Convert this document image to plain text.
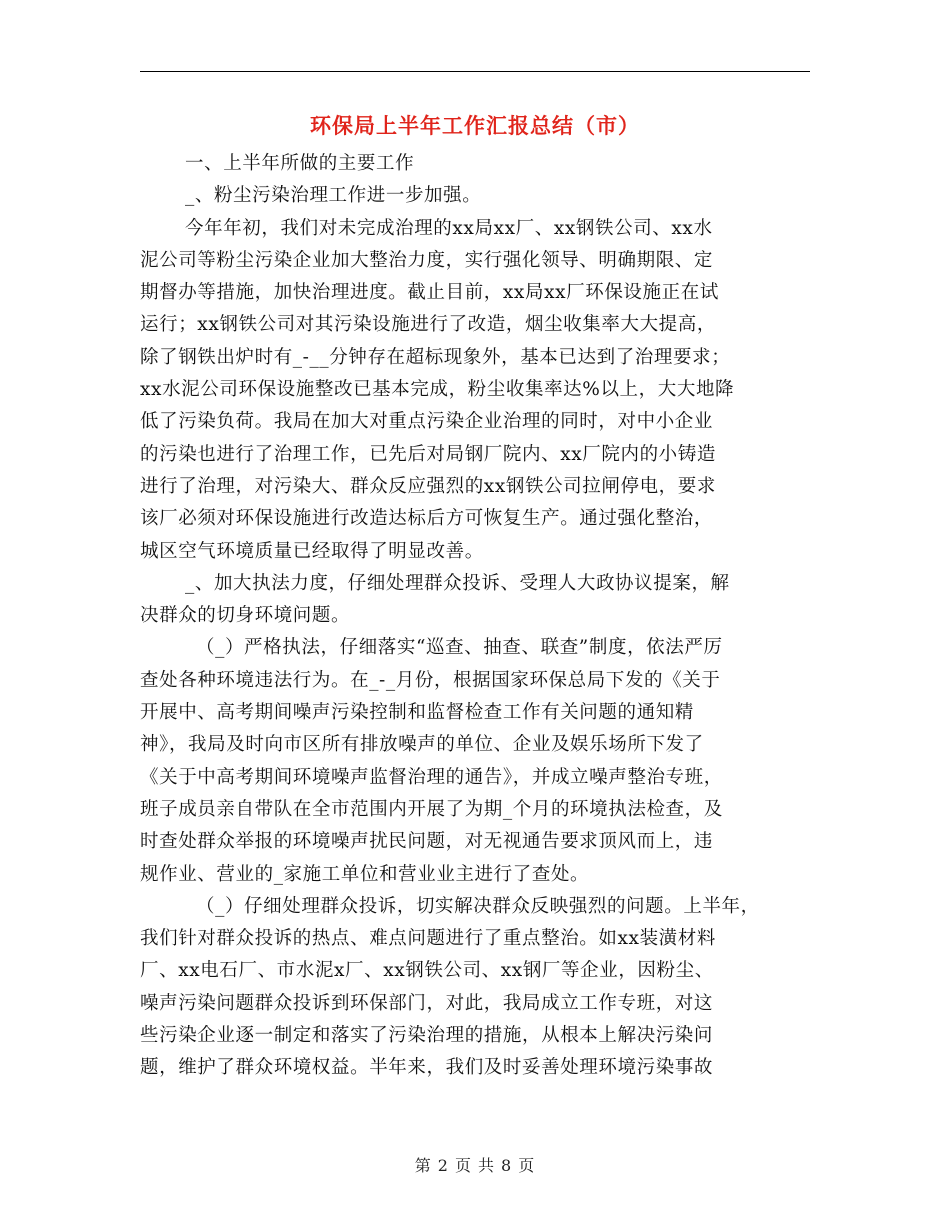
环保局上半年工作汇报总结（市）
一、上半年所做的主要工作
_、粉尘污染治理工作进一步加强。
今年年初，我们对未完成治理的xx局xx厂、xx钢铁公司、xx水
泥公司等粉尘污染企业加大整治力度，实行强化领导、明确期限、定
期督办等措施，加快治理进度。截止目前，xx局xx厂环保设施正在试
运行；xx钢铁公司对其污染设施进行了改造，烟尘收集率大大提高，
除了钢铁出炉时有_-__分钟存在超标现象外，基本已达到了治理要求；
xx水泥公司环保设施整改已基本完成，粉尘收集率达%以上，大大地降
低了污染负荷。我局在加大对重点污染企业治理的同时，对中小企业
的污染也进行了治理工作，已先后对局钢厂院内、xx厂院内的小铸造
进行了治理，对污染大、群众反应强烈的xx钢铁公司拉闸停电，要求
该厂必须对环保设施进行改造达标后方可恢复生产。通过强化整治，
城区空气环境质量已经取得了明显改善。
_、加大执法力度，仔细处理群众投诉、受理人大政协议提案，解
决群众的切身环境问题。
（_）严格执法，仔细落实“巡查、抽查、联查”制度，依法严厉
查处各种环境违法行为。在_-_月份，根据国家环保总局下发的《关于
开展中、高考期间噪声污染控制和监督检查工作有关问题的通知精
神》，我局及时向市区所有排放噪声的单位、企业及娱乐场所下发了
《关于中高考期间环境噪声监督治理的通告》，并成立噪声整治专班，
班子成员亲自带队在全市范围内开展了为期_个月的环境执法检查，及
时查处群众举报的环境噪声扰民问题，对无视通告要求顶风而上，违
规作业、营业的_家施工单位和营业业主进行了查处。
（_）仔细处理群众投诉，切实解决群众反映强烈的问题。上半年，
我们针对群众投诉的热点、难点问题进行了重点整治。如xx装潢材料
厂、xx电石厂、市水泥x厂、xx钢铁公司、xx钢厂等企业，因粉尘、
噪声污染问题群众投诉到环保部门，对此，我局成立工作专班，对这
些污染企业逐一制定和落实了污染治理的措施，从根本上解决污染问
题，维护了群众环境权益。半年来，我们及时妥善处理环境污染事故
第 2 页 共 8 页
